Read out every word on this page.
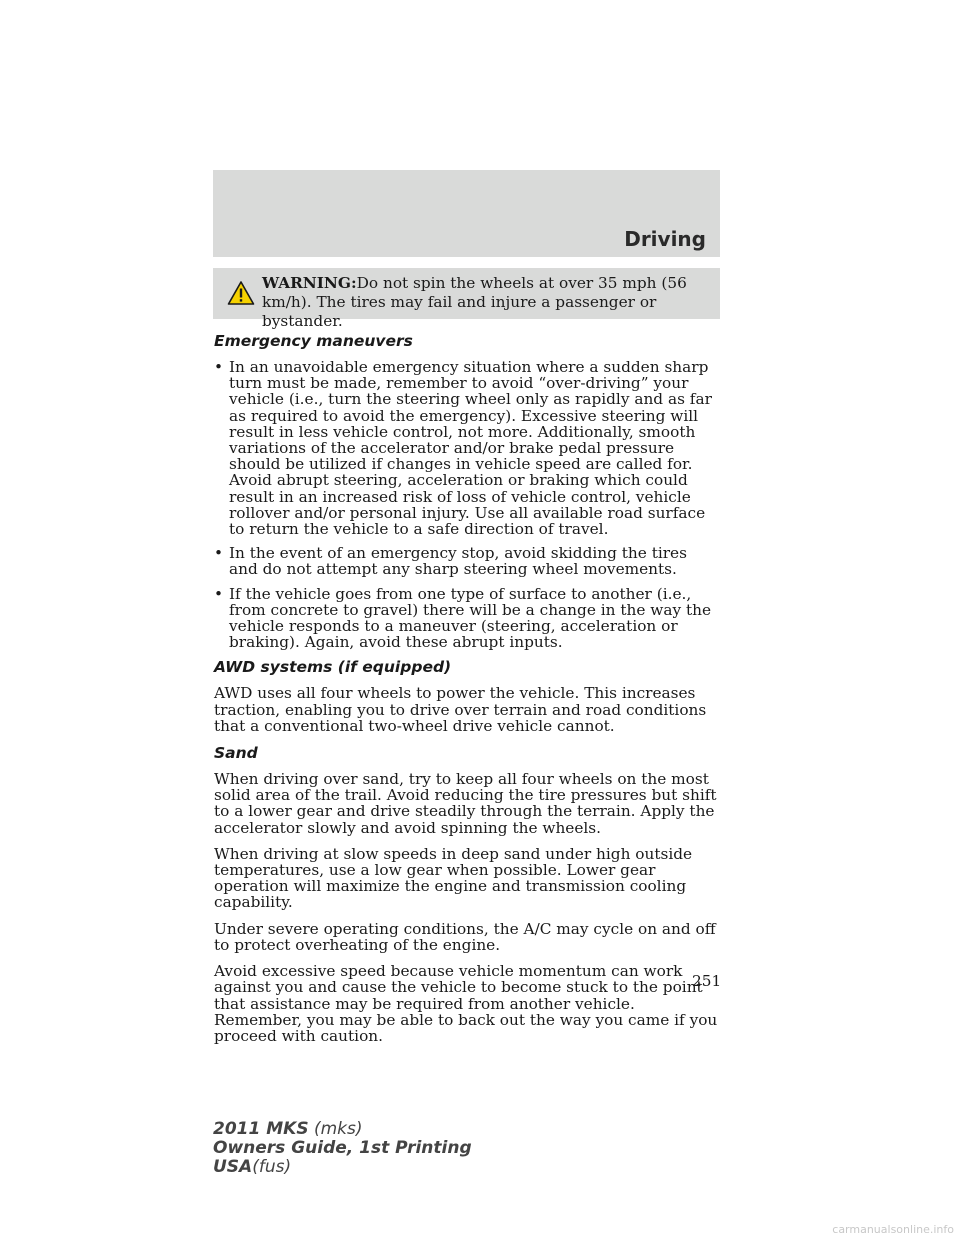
Driving
WARNING:Do not spin the wheels at over 35 mph (56 km/h). The tires may fail and injure a passenger or bystander.
Emergency maneuvers
• In an unavoidable emergency situation where a sudden sharp turn must be made, remember to avoid “over-driving” your vehicle (i.e., turn the steering wheel only as rapidly and as far as required to avoid the emergency). Excessive steering will result in less vehicle control, not more. Additionally, smooth variations of the accelerator and/or brake pedal pressure should be utilized if changes in vehicle speed are called for. Avoid abrupt steering, acceleration or braking which could result in an increased risk of loss of vehicle control, vehicle rollover and/or personal injury. Use all available road surface to return the vehicle to a safe direction of travel.
• In the event of an emergency stop, avoid skidding the tires and do not attempt any sharp steering wheel movements.
• If the vehicle goes from one type of surface to another (i.e., from concrete to gravel) there will be a change in the way the vehicle responds to a maneuver (steering, acceleration or braking). Again, avoid these abrupt inputs.
AWD systems (if equipped)

AWD uses all four wheels to power the vehicle. This increases traction, enabling you to drive over terrain and road conditions that a conventional two-wheel drive vehicle cannot.

Sand

When driving over sand, try to keep all four wheels on the most solid area of the trail. Avoid reducing the tire pressures but shift to a lower gear and drive steadily through the terrain. Apply the accelerator slowly and avoid spinning the wheels.

When driving at slow speeds in deep sand under high outside temperatures, use a low gear when possible. Lower gear operation will maximize the engine and transmission cooling capability.

Under severe operating conditions, the A/C may cycle on and off to protect overheating of the engine.

Avoid excessive speed because vehicle momentum can work against you and cause the vehicle to become stuck to the point that assistance may be required from another vehicle. Remember, you may be able to back out the way you came if you proceed with caution.

251
2011 MKS (mks)
Owners Guide, 1st Printing
USA(fus)
carmanualsonline.info
